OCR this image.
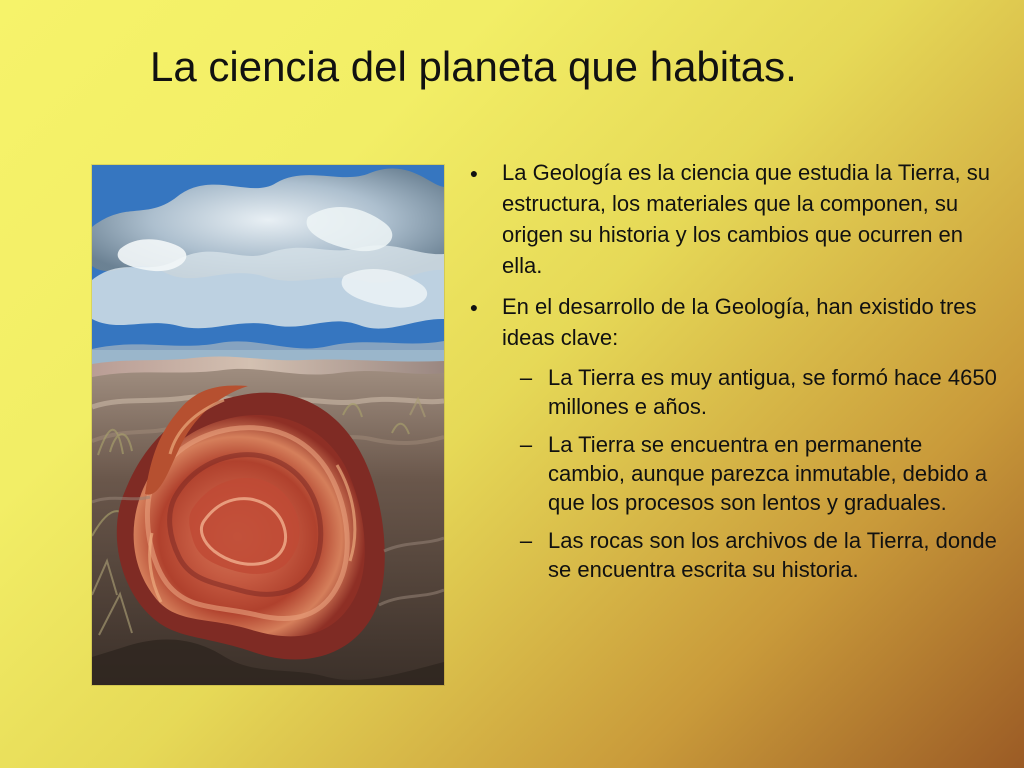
La ciencia del planeta que habitas.
● La Geología es la ciencia que estudia la Tierra, su estructura, los materiales que la componen, su origen su historia y los cambios que ocurren en ella.
● En el desarrollo de la Geología, han existido tres ideas clave:
– La Tierra es muy antigua, se formó hace 4650 millones e años.
– La Tierra se encuentra en permanente cambio, aunque parezca inmutable, debido a que los procesos son lentos y graduales.
– Las rocas son los archivos de la Tierra, donde se encuentra escrita su historia.
